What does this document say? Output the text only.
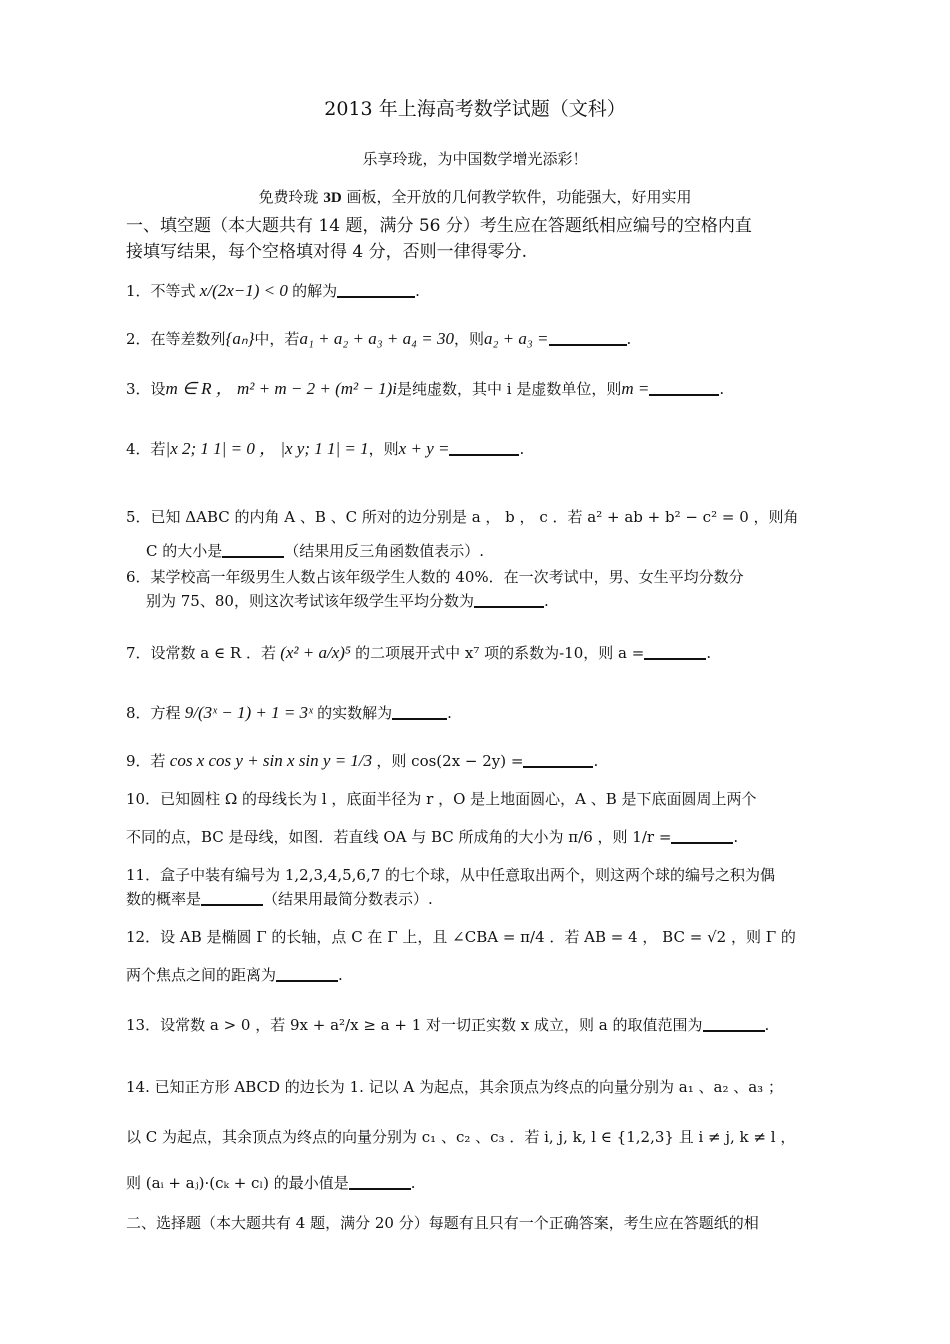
2013 年上海高考数学试题（文科）
乐享玲珑，为中国数学增光添彩！
免费玲珑 3D 画板，全开放的几何教学软件，功能强大，好用实用
一、填空题（本大题共有 14 题，满分 56 分）考生应在答题纸相应编号的空格内直
接填写结果，每个空格填对得 4 分，否则一律得零分.
1．不等式 x/(2x−1) < 0 的解为	.
2．在等差数列{aₙ}中，若a₁ + a₂ + a₃ + a₄ = 30，则a₂ + a₃ =	.
3．设m ∈ R ， m² + m − 2 + (m² − 1)i是纯虚数，其中 i 是虚数单位，则m =	.
4．若|x 2; 1 1| = 0 ， |x y; 1 1| = 1，则x + y =	.
5．已知 ΔABC 的内角 A 、B 、C 所对的边分别是 a ， b ， c ．若 a² + ab + b² − c² = 0 ，则角
C 的大小是	（结果用反三角函数值表示）.
6．某学校高一年级男生人数占该年级学生人数的 40%．在一次考试中，男、女生平均分数分
别为 75、80，则这次考试该年级学生平均分数为	.
7．设常数 a ∈ R ．若 (x² + a/x)⁵ 的二项展开式中 x⁷ 项的系数为-10，则 a =	.
8．方程 9/(3ˣ − 1) + 1 = 3ˣ 的实数解为	.
9．若 cos x cos y + sin x sin y = 1/3 ，则 cos(2x − 2y) =	.
10．已知圆柱 Ω 的母线长为 l ，底面半径为 r ，O 是上地面圆心，A 、B 是下底面圆周上两个
不同的点，BC 是母线，如图．若直线 OA 与 BC 所成角的大小为 π/6 ，则 1/r =	.
11．盒子中装有编号为 1,2,3,4,5,6,7 的七个球，从中任意取出两个，则这两个球的编号之积为偶
数的概率是	（结果用最简分数表示）.
12．设 AB 是椭圆 Γ 的长轴，点 C 在 Γ 上，且 ∠CBA = π/4 ．若 AB = 4 ， BC = √2 ，则 Γ 的
两个焦点之间的距离为	.
13．设常数 a > 0 ，若 9x + a²/x ≥ a + 1 对一切正实数 x 成立，则 a 的取值范围为	.
14. 已知正方形 ABCD 的边长为 1. 记以 A 为起点，其余顶点为终点的向量分别为 a₁ 、a₂ 、a₃ ；
以 C 为起点，其余顶点为终点的向量分别为 c₁ 、c₂ 、c₃ ．若 i, j, k, l ∈ {1,2,3} 且 i ≠ j, k ≠ l ，
则 (aᵢ + aⱼ)·(cₖ + cₗ) 的最小值是	.
二、选择题（本大题共有 4 题，满分 20 分）每题有且只有一个正确答案，考生应在答题纸的相
